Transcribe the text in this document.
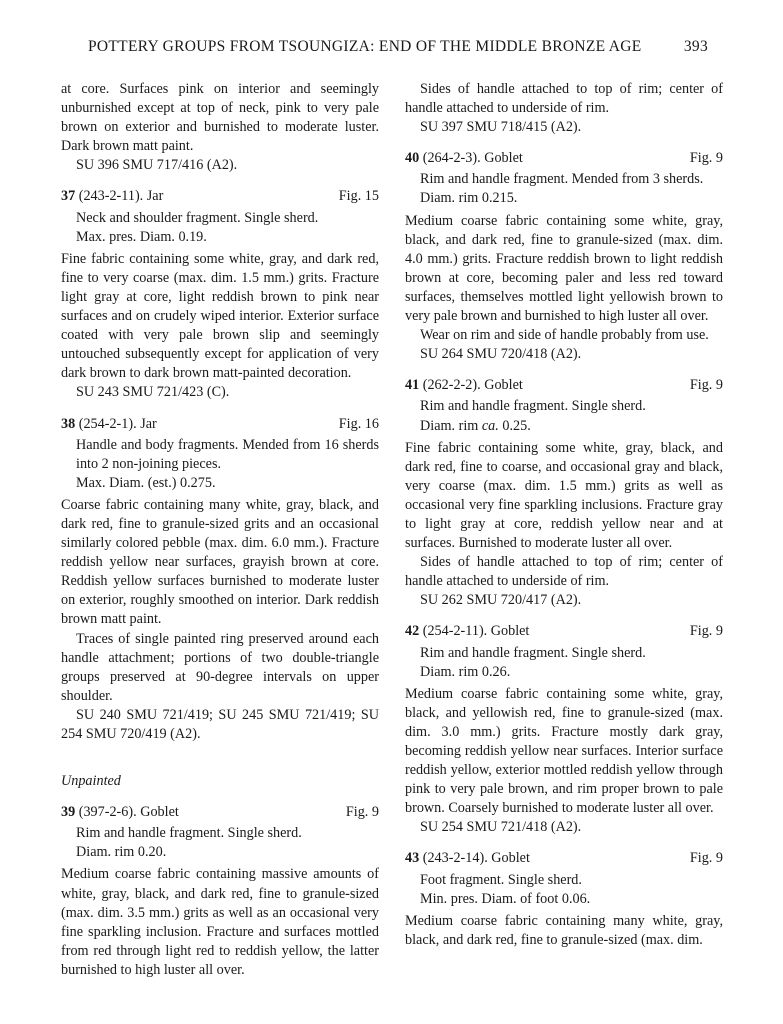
POTTERY GROUPS FROM TSOUNGIZA: END OF THE MIDDLE BRONZE AGE	393

at core. Surfaces pink on interior and seemingly unburnished except at top of neck, pink to very pale brown on exterior and burnished to moderate luster. Dark brown matt paint.

SU 396 SMU 717/416 (A2).

37 (243-2-11). Jar	Fig. 15
Neck and shoulder fragment. Single sherd.
Max. pres. Diam. 0.19.

Fine fabric containing some white, gray, and dark red, fine to very coarse (max. dim. 1.5 mm.) grits. Fracture light gray at core, light reddish brown to pink near surfaces and on crudely wiped interior. Exterior surface coated with very pale brown slip and seemingly untouched subsequently except for application of very dark brown to dark brown matt-painted decoration.

SU 243 SMU 721/423 (C).

38 (254-2-1). Jar	Fig. 16
Handle and body fragments. Mended from 16 sherds into 2 non-joining pieces.
Max. Diam. (est.) 0.275.

Coarse fabric containing many white, gray, black, and dark red, fine to granule-sized grits and an occasional similarly colored pebble (max. dim. 6.0 mm.). Fracture reddish yellow near surfaces, grayish brown at core. Reddish yellow surfaces burnished to moderate luster on exterior, roughly smoothed on interior. Dark reddish brown matt paint.

Traces of single painted ring preserved around each handle attachment; portions of two double-triangle groups preserved at 90-degree intervals on upper shoulder.

SU 240 SMU 721/419; SU 245 SMU 721/419; SU 254 SMU 720/419 (A2).

Unpainted
39 (397-2-6). Goblet	Fig. 9
Rim and handle fragment. Single sherd.
Diam. rim 0.20.

Medium coarse fabric containing massive amounts of white, gray, black, and dark red, fine to granule-sized (max. dim. 3.5 mm.) grits as well as an occasional very fine sparkling inclusion. Fracture and surfaces mottled from red through light red to reddish yellow, the latter burnished to high luster all over.

Sides of handle attached to top of rim; center of handle attached to underside of rim.

SU 397 SMU 718/415 (A2).

40 (264-2-3). Goblet	Fig. 9
Rim and handle fragment. Mended from 3 sherds.
Diam. rim 0.215.

Medium coarse fabric containing some white, gray, black, and dark red, fine to granule-sized (max. dim. 4.0 mm.) grits. Fracture reddish brown to light reddish brown at core, becoming paler and less red toward surfaces, themselves mottled light yellowish brown to very pale brown and burnished to high luster all over.

Wear on rim and side of handle probably from use.

SU 264 SMU 720/418 (A2).

41 (262-2-2). Goblet	Fig. 9
Rim and handle fragment. Single sherd.
Diam. rim ca. 0.25.

Fine fabric containing some white, gray, black, and dark red, fine to coarse, and occasional gray and black, very coarse (max. dim. 1.5 mm.) grits as well as occasional very fine sparkling inclusions. Fracture gray to light gray at core, reddish yellow near and at surfaces. Burnished to moderate luster all over.

Sides of handle attached to top of rim; center of handle attached to underside of rim.

SU 262 SMU 720/417 (A2).

42 (254-2-11). Goblet	Fig. 9
Rim and handle fragment. Single sherd.
Diam. rim 0.26.

Medium coarse fabric containing some white, gray, black, and yellowish red, fine to granule-sized (max. dim. 3.0 mm.) grits. Fracture mostly dark gray, becoming reddish yellow near surfaces. Interior surface reddish yellow, exterior mottled reddish yellow through pink to very pale brown, and rim proper brown to pale brown. Coarsely burnished to moderate luster all over.

SU 254 SMU 721/418 (A2).

43 (243-2-14). Goblet	Fig. 9
Foot fragment. Single sherd.
Min. pres. Diam. of foot 0.06.

Medium coarse fabric containing many white, gray, black, and dark red, fine to granule-sized (max. dim.
